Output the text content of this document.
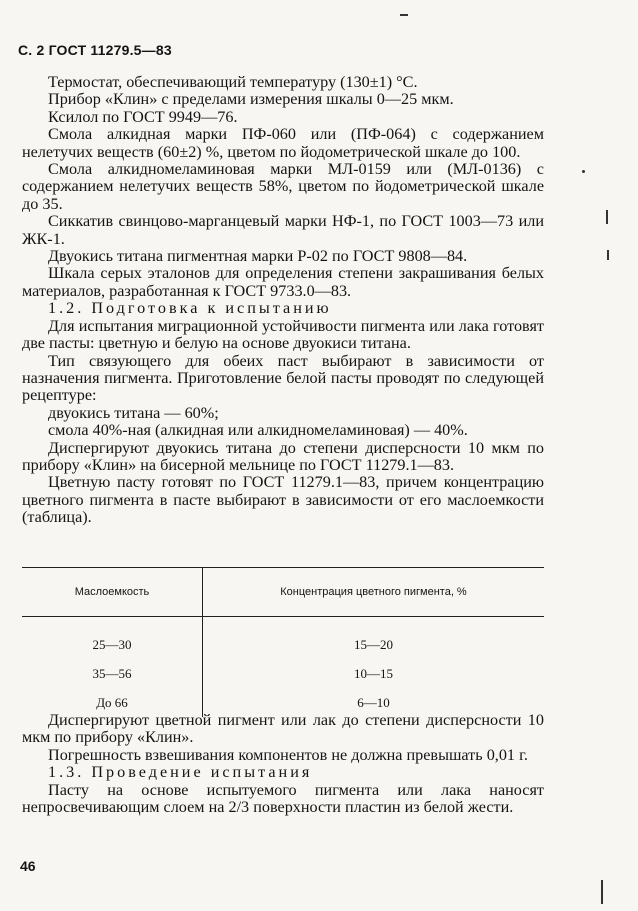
С. 2 ГОСТ 11279.5—83

Термостат, обеспечивающий температуру (130±1) °С.

Прибор «Клин» с пределами измерения шкалы 0—25 мкм.

Ксилол по ГОСТ 9949—76.

Смола алкидная марки ПФ-060 или (ПФ-064) с содержанием нелетучих веществ (60±2) %, цветом по йодометрической шкале до 100.

Смола алкидномеламиновая марки МЛ-0159 или (МЛ-0136) с содержанием нелетучих веществ 58%, цветом по йодометрической шкале до 35.

Сиккатив свинцово-марганцевый марки НФ-1, по ГОСТ 1003—73 или ЖК-1.

Двуокись титана пигментная марки Р-02 по ГОСТ 9808—84.

Шкала серых эталонов для определения степени закрашивания белых материалов, разработанная к ГОСТ 9733.0—83.

1.2. Подготовка к испытанию

Для испытания миграционной устойчивости пигмента или лака готовят две пасты: цветную и белую на основе двуокиси титана.

Тип связующего для обеих паст выбирают в зависимости от назначения пигмента. Приготовление белой пасты проводят по следующей рецептуре:

двуокись титана — 60%;

смола 40%-ная (алкидная или алкидномеламиновая) — 40%.

Диспергируют двуокись титана до степени дисперсности 10 мкм по прибору «Клин» на бисерной мельнице по ГОСТ 11279.1—83.

Цветную пасту готовят по ГОСТ 11279.1—83, причем концентрацию цветного пигмента в пасте выбирают в зависимости от его маслоемкости (таблица).

Маслоемкость	Концентрация цветного пигмента, %
25—30	15—20
35—56	10—15
До 66	6—10

Диспергируют цветной пигмент или лак до степени дисперсности 10 мкм по прибору «Клин».

Погрешность взвешивания компонентов не должна превышать 0,01 г.

1.3. Проведение испытания

Пасту на основе испытуемого пигмента или лака наносят непросвечивающим слоем на 2/3 поверхности пластин из белой жести.

46
